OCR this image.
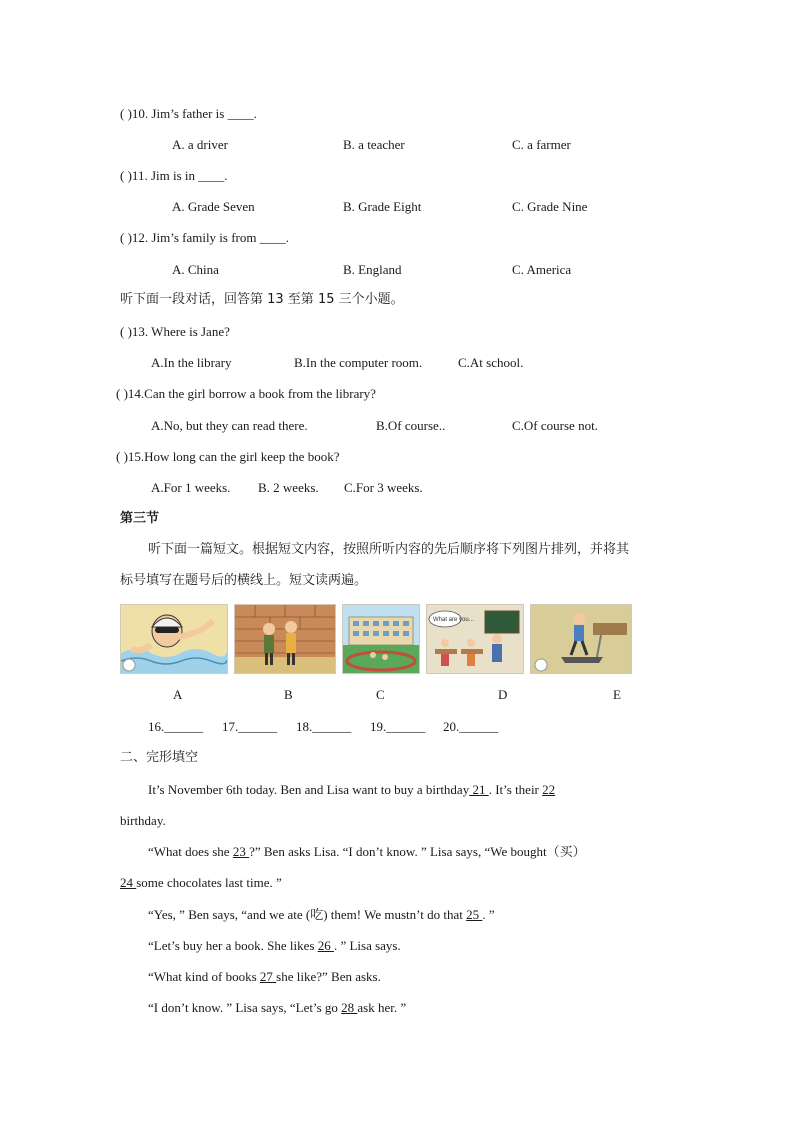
( )10. Jim’s father is ____.
A. a driver	B. a teacher	C. a farmer
( )11. Jim is in ____.
A. Grade Seven	B. Grade Eight	C. Grade Nine
( )12. Jim’s family is from ____.
A. China	B. England	C. America
听下面一段对话，回答第 13 至第 15 三个小题。
( )13. Where is Jane?
A.In the library	B.In the computer room.	C.At school.
( )14.Can the girl borrow a book from the library?
A.No, but they can read there.	B.Of course..	C.Of course not.
( )15.How long can the girl keep the book?
A.For 1 weeks. B. 2 weeks. C.For 3 weeks.
第三节
听下面一篇短文。根据短文内容，按照所听内容的先后顺序将下列图片排列，并将其
标号填写在题号后的横线上。短文读两遍。
What are you…
A	B	C	D	E
16.______ 17.______ 18.______ 19.______ 20.______
二、完形填空
It’s November 6th today. Ben and Lisa want to buy a birthday 21 . It’s their 22
birthday.
“What does she 23 ?” Ben asks Lisa. “I don’t know. ” Lisa says, “We bought（买）
24 some chocolates last time. ”
“Yes, ” Ben says, “and we ate (吃) them! We mustn’t do that 25 . ”
“Let’s buy her a book. She likes 26 . ” Lisa says.
“What kind of books 27 she like?” Ben asks.
“I don’t know. ” Lisa says, “Let’s go 28 ask her. ”
